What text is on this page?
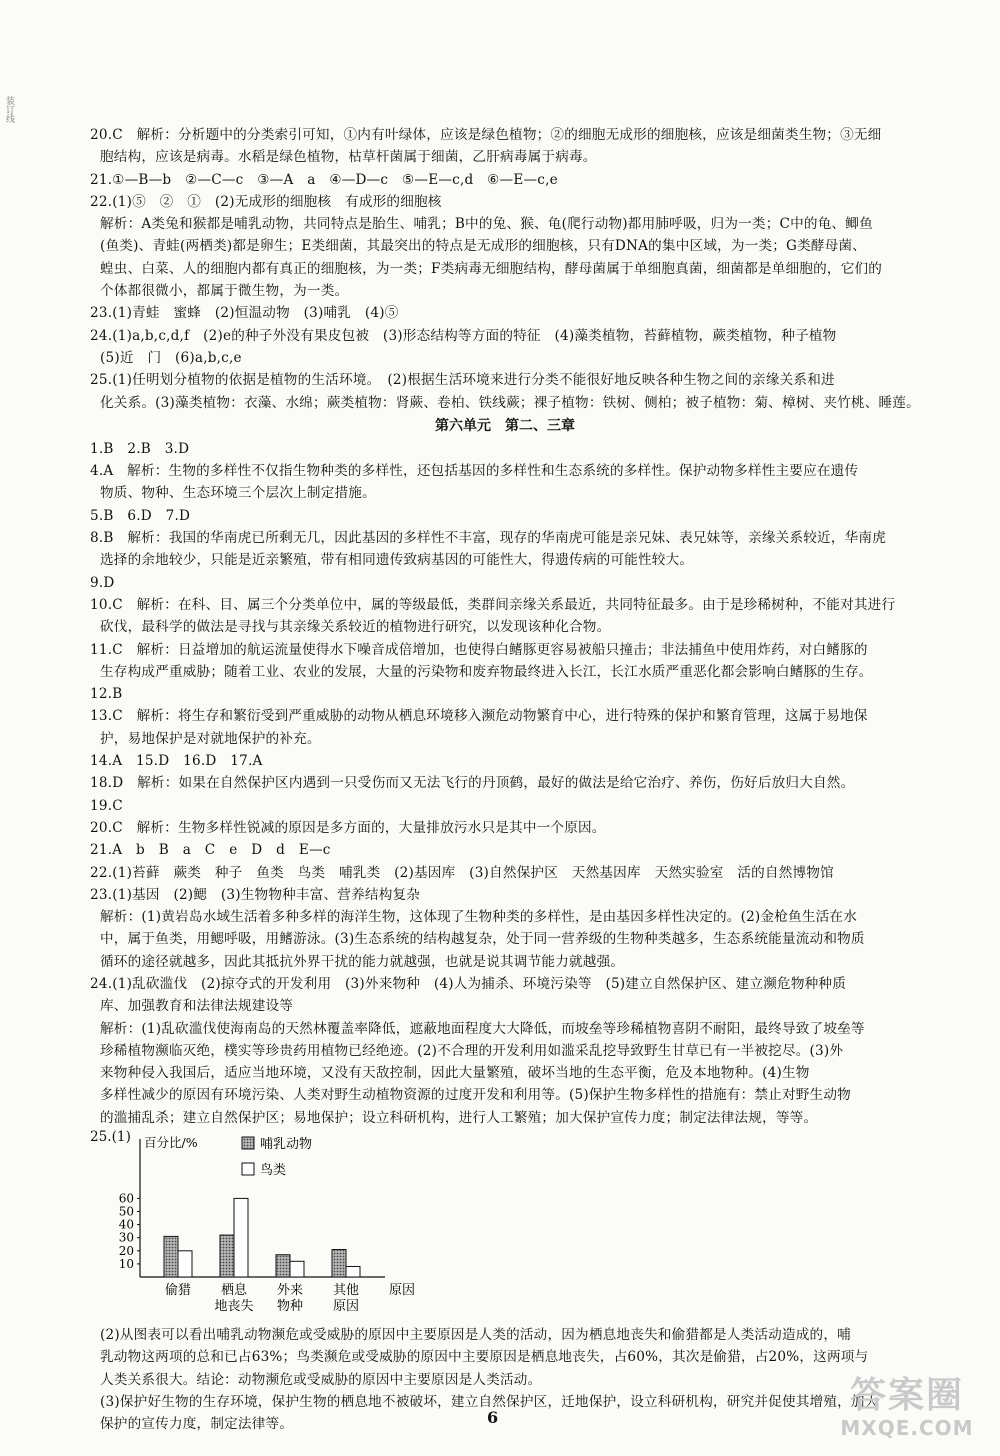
装订线
20.C　解析：分析题中的分类索引可知，①内有叶绿体，应该是绿色植物；②的细胞无成形的细胞核，应该是细菌类生物；③无细
胞结构，应该是病毒。水稻是绿色植物，枯草杆菌属于细菌，乙肝病毒属于病毒。
21.①—B—b　②—C—c　③—A　a　④—D—c　⑤—E—c,d　⑥—E—c,e
22.(1)⑤　②　①　(2)无成形的细胞核　有成形的细胞核
解析：A类兔和猴都是哺乳动物，共同特点是胎生、哺乳；B中的兔、猴、龟(爬行动物)都用肺呼吸，归为一类；C中的龟、鲫鱼
(鱼类)、青蛙(两栖类)都是卵生；E类细菌，其最突出的特点是无成形的细胞核，只有DNA的集中区域，为一类；G类酵母菌、
蝗虫、白菜、人的细胞内都有真正的细胞核，为一类；F类病毒无细胞结构，酵母菌属于单细胞真菌，细菌都是单细胞的，它们的
个体都很微小，都属于微生物，为一类。
23.(1)青蛙　蜜蜂　(2)恒温动物　(3)哺乳　(4)⑤
24.(1)a,b,c,d,f　(2)e的种子外没有果皮包被　(3)形态结构等方面的特征　(4)藻类植物，苔藓植物，蕨类植物，种子植物
(5)近　门　(6)a,b,c,e
25.(1)任明划分植物的依据是植物的生活环境。　(2)根据生活环境来进行分类不能很好地反映各种生物之间的亲缘关系和进
化关系。(3)藻类植物：衣藻、水绵；蕨类植物：肾蕨、卷柏、铁线蕨；裸子植物：铁树、侧柏；被子植物：菊、樟树、夹竹桃、睡莲。
第六单元　第二、三章
1.B　2.B　3.D
4.A　解析：生物的多样性不仅指生物种类的多样性，还包括基因的多样性和生态系统的多样性。保护动物多样性主要应在遗传
物质、物种、生态环境三个层次上制定措施。
5.B　6.D　7.D
8.B　解析：我国的华南虎已所剩无几，因此基因的多样性不丰富，现存的华南虎可能是亲兄妹、表兄妹等，亲缘关系较近，华南虎
选择的余地较少，只能是近亲繁殖，带有相同遗传致病基因的可能性大，得遗传病的可能性较大。
9.D
10.C　解析：在科、目、属三个分类单位中，属的等级最低，类群间亲缘关系最近，共同特征最多。由于是珍稀树种，不能对其进行
砍伐，最科学的做法是寻找与其亲缘关系较近的植物进行研究，以发现该种化合物。
11.C　解析：日益增加的航运流量使得水下噪音成倍增加，也使得白鳍豚更容易被船只撞击；非法捕鱼中使用炸药，对白鳍豚的
生存构成严重威胁；随着工业、农业的发展，大量的污染物和废弃物最终进入长江，长江水质严重恶化都会影响白鳍豚的生存。
12.B
13.C　解析：将生存和繁衍受到严重威胁的动物从栖息环境移入濒危动物繁育中心，进行特殊的保护和繁育管理，这属于易地保
护，易地保护是对就地保护的补充。
14.A　15.D　16.D　17.A
18.D　解析：如果在自然保护区内遇到一只受伤而又无法飞行的丹顶鹤，最好的做法是给它治疗、养伤，伤好后放归大自然。
19.C
20.C　解析：生物多样性锐减的原因是多方面的，大量排放污水只是其中一个原因。
21.A　b　B　a　C　e　D　d　E—c
22.(1)苔藓　蕨类　种子　鱼类　鸟类　哺乳类　(2)基因库　(3)自然保护区　天然基因库　天然实验室　活的自然博物馆
23.(1)基因　(2)鳃　(3)生物物种丰富、营养结构复杂
解析：(1)黄岩岛水域生活着多种多样的海洋生物，这体现了生物种类的多样性，是由基因多样性决定的。(2)金枪鱼生活在水
中，属于鱼类，用鳃呼吸，用鳍游泳。(3)生态系统的结构越复杂，处于同一营养级的生物种类越多，生态系统能量流动和物质
循环的途径就越多，因此其抵抗外界干扰的能力就越强，也就是说其调节能力就越强。
24.(1)乱砍滥伐　(2)掠夺式的开发利用　(3)外来物种　(4)人为捕杀、环境污染等　(5)建立自然保护区、建立濒危物种种质
库、加强教育和法律法规建设等
解析：(1)乱砍滥伐使海南岛的天然林覆盖率降低，遮蔽地面程度大大降低，而坡垒等珍稀植物喜阴不耐阳，最终导致了坡垒等
珍稀植物濒临灭绝，樸实等珍贵药用植物已经绝迹。(2)不合理的开发利用如滥采乱挖导致野生甘草已有一半被挖尽。(3)外
来物种侵入我国后，适应当地环境，又没有天敌控制，因此大量繁殖，破坏当地的生态平衡，危及本地物种。(4)生物
多样性减少的原因有环境污染、人类对野生动植物资源的过度开发和利用等。(5)保护生物多样性的措施有：禁止对野生动物
的滥捕乱杀；建立自然保护区；易地保护；设立科研机构，进行人工繁殖；加大保护宣传力度；制定法律法规，等等。
25.(1) 百分比/%
10
20
30
40
50
60
偷猎 栖息
地丧失
外来
物种
其他
原因
原因
哺乳动物
鸟类
(2)从图表可以看出哺乳动物濒危或受威胁的原因中主要原因是人类的活动，因为栖息地丧失和偷猎都是人类活动造成的，哺
乳动物这两项的总和已占63%；鸟类濒危或受威胁的原因中主要原因是栖息地丧失，占60%，其次是偷猎，占20%，这两项与
人类关系很大。结论：动物濒危或受威胁的原因中主要原因是人类活动。
(3)保护好生物的生存环境，保护生物的栖息地不被破坏，建立自然保护区，迁地保护，设立科研机构，研究并促使其增殖，加大
保护的宣传力度，制定法律等。	6
答案圈
MXQE.COM
